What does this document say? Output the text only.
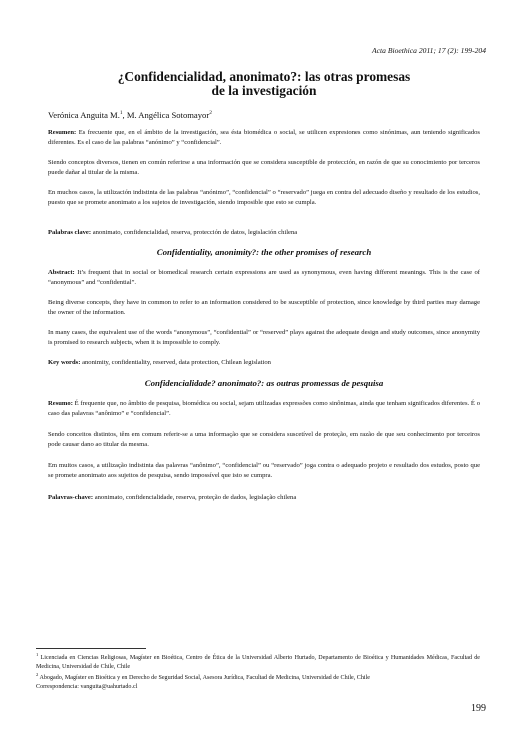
Acta Bioethica 2011; 17 (2): 199-204
¿Confidencialidad, anonimato?: las otras promesas
de la investigación
Verónica Anguita M.$^1$, M. Angélica Sotomayor$^2$
Resumen: Es frecuente que, en el ámbito de la investigación, sea ésta biomédica o social, se utilicen expresiones como sinónimas, aun teniendo significados diferentes. Es el caso de las palabras “anónimo” y “confidencial”.
Siendo conceptos diversos, tienen en común referirse a una información que se considera susceptible de protección, en razón de que su conocimiento por terceros puede dañar al titular de la misma.
En muchos casos, la utilización indistinta de las palabras “anónimo”, “confidencial” o “reservado” juega en contra del adecuado diseño y resultado de los estudios, puesto que se promete anonimato a los sujetos de investigación, siendo imposible que esto se cumpla.
Palabras clave: anonimato, confidencialidad, reserva, protección de datos, legislación chilena
Confidentiality, anonimity?: the other promises of research
Abstract: It’s frequent that in social or biomedical research certain expressions are used as synonymous, even having different meanings. This is the case of “anonymous” and “confidential”.
Being diverse concepts, they have in common to refer to an information considered to be susceptible of protection, since knowledge by third parties may damage the owner of the information.
In many cases, the equivalent use of the words “anonymous”, “confidential” or “reserved” plays against the adequate design and study outcomes, since anonymity is promised to research subjects, when it is impossible to comply.
Key words: anonimity, confidentiality, reserved, data protection, Chilean legislation
Confidencialidade? anonimato?: as outras promessas de pesquisa
Resumo: É frequente que, no âmbito de pesquisa, biomédica ou social, sejam utilizadas expressões como sinônimas, ainda que tenham significados diferentes. É o caso das palavras “anônimo” e “confidencial”.
Sendo conceitos distintos, têm em comum referir-se a uma informação que se considera suscetível de proteção, em razão de que seu conhecimento por terceiros pode causar dano ao titular da mesma.
Em muitos casos, a utilização indistinta das palavras “anônimo”, “confidencial” ou “reservado” joga contra o adequado projeto e resultado dos estudos, posto que se promete anonimato aos sujeitos de pesquisa, sendo impossível que isto se cumpra.
Palavras-chave: anonimato, confidencialidade, reserva, proteção de dados, legislação chilena
$^1$ Licenciada en Ciencias Religiosas, Magíster en Bioética, Centro de Ética de la Universidad Alberto Hurtado, Departamento de Bioética y Humanidades Médicas, Facultad de Medicina, Universidad de Chile, Chile
$^2$ Abogado, Magíster en Bioética y en Derecho de Seguridad Social, Asesora Jurídica, Facultad de Medicina, Universidad de Chile, Chile
Correspondencia: vanguita@uahurtado.cl
199
